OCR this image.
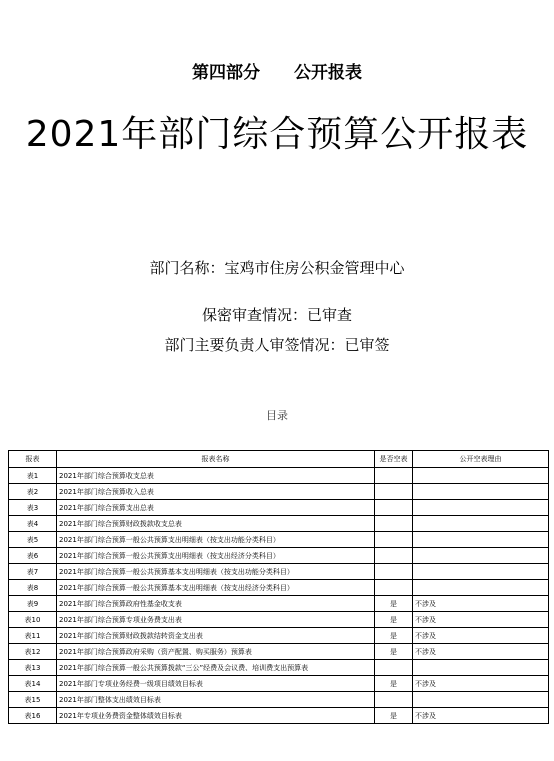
第四部分 公开报表
2021年部门综合预算公开报表
部门名称：宝鸡市住房公积金管理中心
保密审查情况：已审查
部门主要负责人审签情况：已审签
目录
报表	报表名称	是否空表	公开空表理由
表1	2021年部门综合预算收支总表		
表2	2021年部门综合预算收入总表		
表3	2021年部门综合预算支出总表		
表4	2021年部门综合预算财政拨款收支总表		
表5	2021年部门综合预算一般公共预算支出明细表（按支出功能分类科目）		
表6	2021年部门综合预算一般公共预算支出明细表（按支出经济分类科目）		
表7	2021年部门综合预算一般公共预算基本支出明细表（按支出功能分类科目）		
表8	2021年部门综合预算一般公共预算基本支出明细表（按支出经济分类科目）		
表9	2021年部门综合预算政府性基金收支表	是	不涉及
表10	2021年部门综合预算专项业务费支出表	是	不涉及
表11	2021年部门综合预算财政拨款结转资金支出表	是	不涉及
表12	2021年部门综合预算政府采购（资产配置、购买服务）预算表	是	不涉及
表13	2021年部门综合预算一般公共预算拨款“三公”经费及会议费、培训费支出预算表		
表14	2021年部门专项业务经费一级项目绩效目标表	是	不涉及
表15	2021年部门整体支出绩效目标表		
表16	2021年专项业务费资金整体绩效目标表	是	不涉及
